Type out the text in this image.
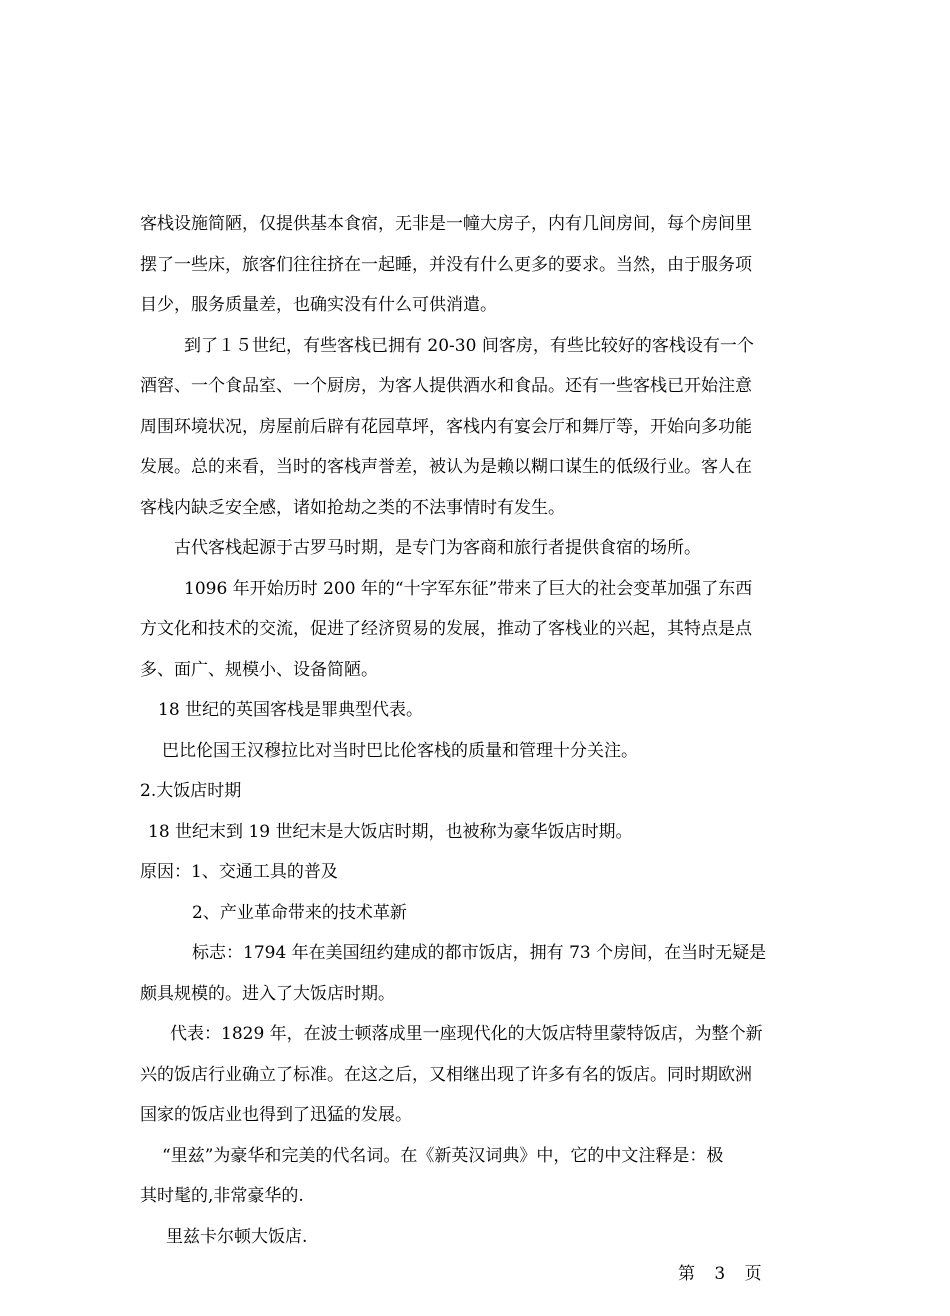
客栈设施简陋，仅提供基本食宿，无非是一幢大房子，内有几间房间，每个房间里
摆了一些床，旅客们往往挤在一起睡，并没有什么更多的要求。当然，由于服务项
目少，服务质量差，也确实没有什么可供消遣。

到了１５世纪，有些客栈已拥有 20-30 间客房，有些比较好的客栈设有一个
酒窖、一个食品室、一个厨房，为客人提供酒水和食品。还有一些客栈已开始注意
周围环境状况，房屋前后辟有花园草坪，客栈内有宴会厅和舞厅等，开始向多功能
发展。总的来看，当时的客栈声誉差，被认为是赖以糊口谋生的低级行业。客人在
客栈内缺乏安全感，诸如抢劫之类的不法事情时有发生。

古代客栈起源于古罗马时期，是专门为客商和旅行者提供食宿的场所。

1096 年开始历时 200 年的“十字军东征”带来了巨大的社会变革加强了东西
方文化和技术的交流，促进了经济贸易的发展，推动了客栈业的兴起，其特点是点
多、面广、规模小、设备简陋。

18 世纪的英国客栈是罪典型代表。

巴比伦国王汉穆拉比对当时巴比伦客栈的质量和管理十分关注。

2.大饭店时期

18 世纪末到 19 世纪末是大饭店时期，也被称为豪华饭店时期。

原因：1、交通工具的普及

2、产业革命带来的技术革新

标志：1794 年在美国纽约建成的都市饭店，拥有 73 个房间，在当时无疑是
颇具规模的。进入了大饭店时期。

代表：1829 年，在波士顿落成里一座现代化的大饭店特里蒙特饭店，为整个新
兴的饭店行业确立了标准。在这之后，又相继出现了许多有名的饭店。同时期欧洲
国家的饭店业也得到了迅猛的发展。

“里兹”为豪华和完美的代名词。在《新英汉词典》中，它的中文注释是：极
其时髦的,非常豪华的.

里兹卡尔顿大饭店.

第 3 页
